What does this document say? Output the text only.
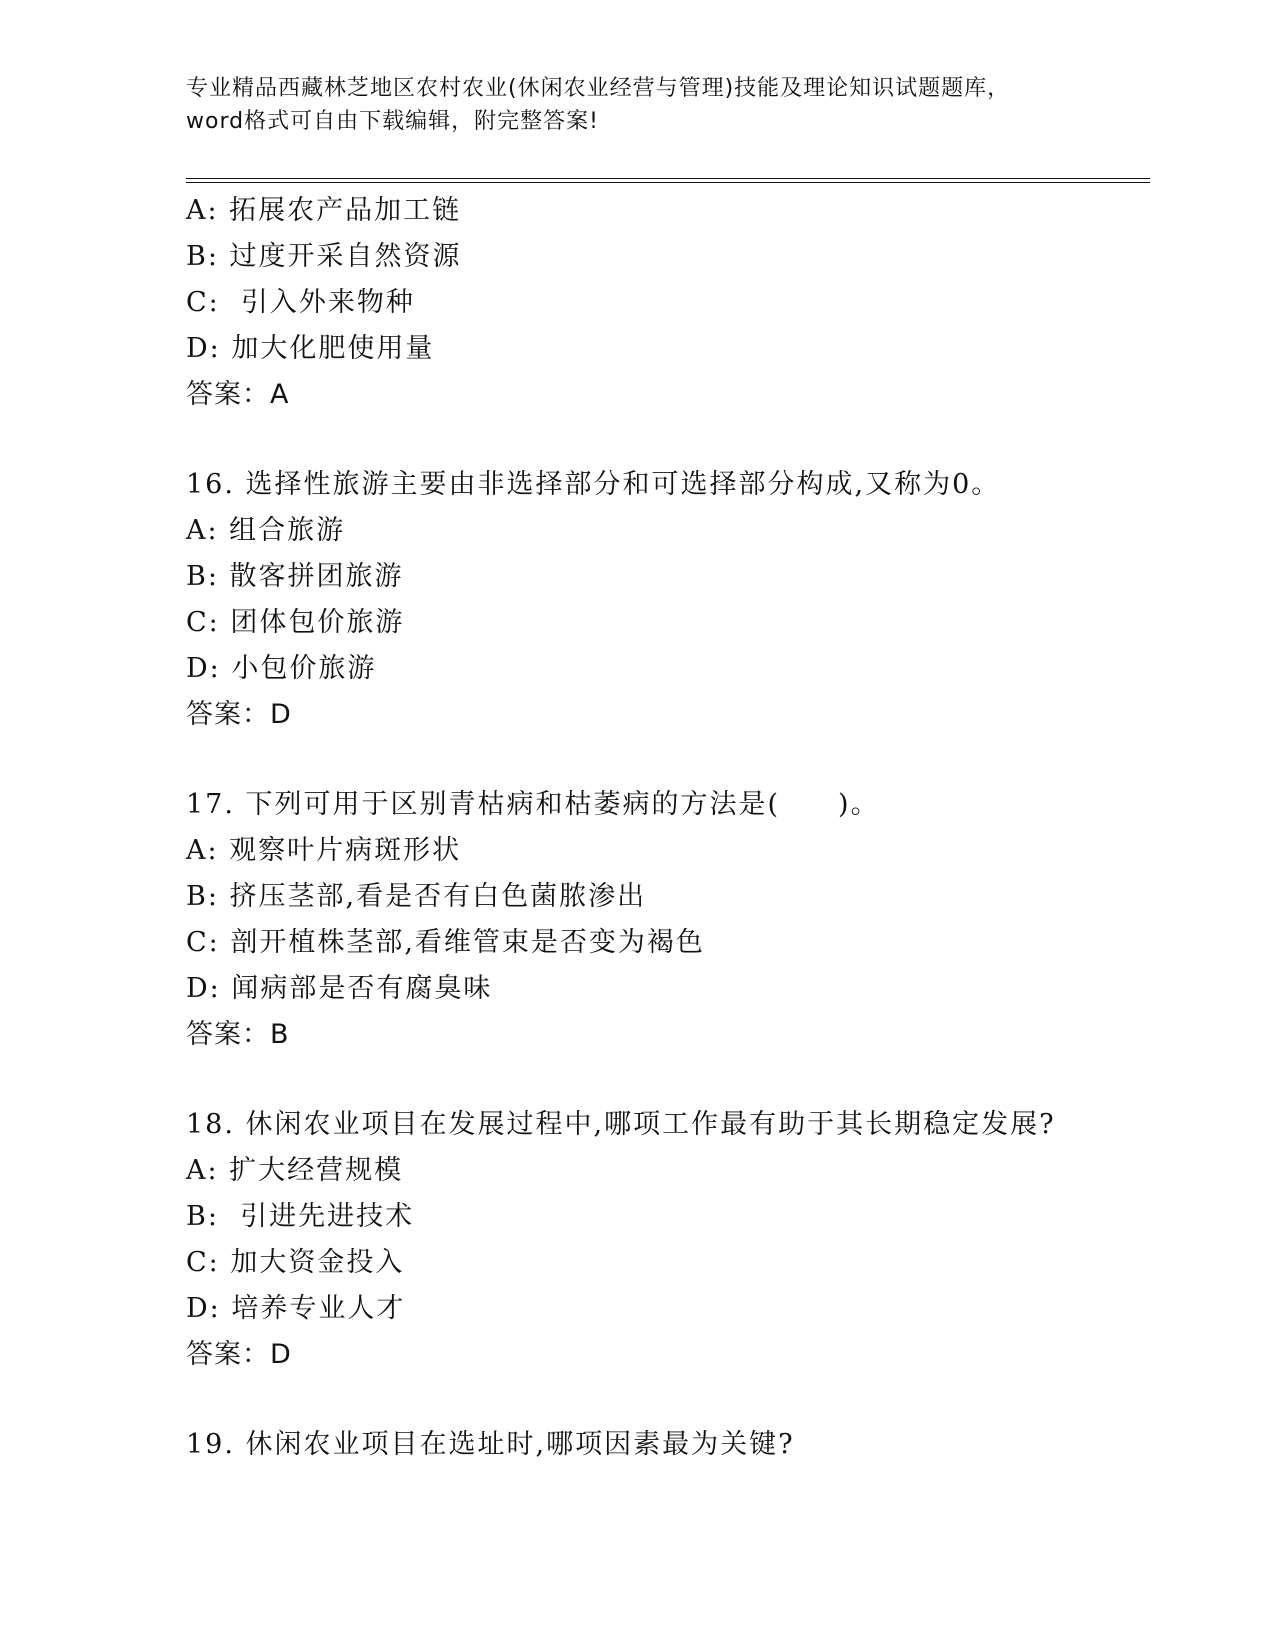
专业精品西藏林芝地区农村农业(休闲农业经营与管理)技能及理论知识试题题库，
word格式可自由下载编辑，附完整答案!
A: 拓展农产品加工链
B: 过度开采自然资源
C:  引入外来物种
D: 加大化肥使用量
答案：A
16. 选择性旅游主要由非选择部分和可选择部分构成,又称为0。
A: 组合旅游
B: 散客拼团旅游
C: 团体包价旅游
D: 小包价旅游
答案：D
17. 下列可用于区别青枯病和枯萎病的方法是(　　)。
A: 观察叶片病斑形状
B: 挤压茎部,看是否有白色菌脓渗出
C: 剖开植株茎部,看维管束是否变为褐色
D: 闻病部是否有腐臭味
答案：B
18. 休闲农业项目在发展过程中,哪项工作最有助于其长期稳定发展?
A: 扩大经营规模
B:  引进先进技术
C: 加大资金投入
D: 培养专业人才
答案：D
19. 休闲农业项目在选址时,哪项因素最为关键?
